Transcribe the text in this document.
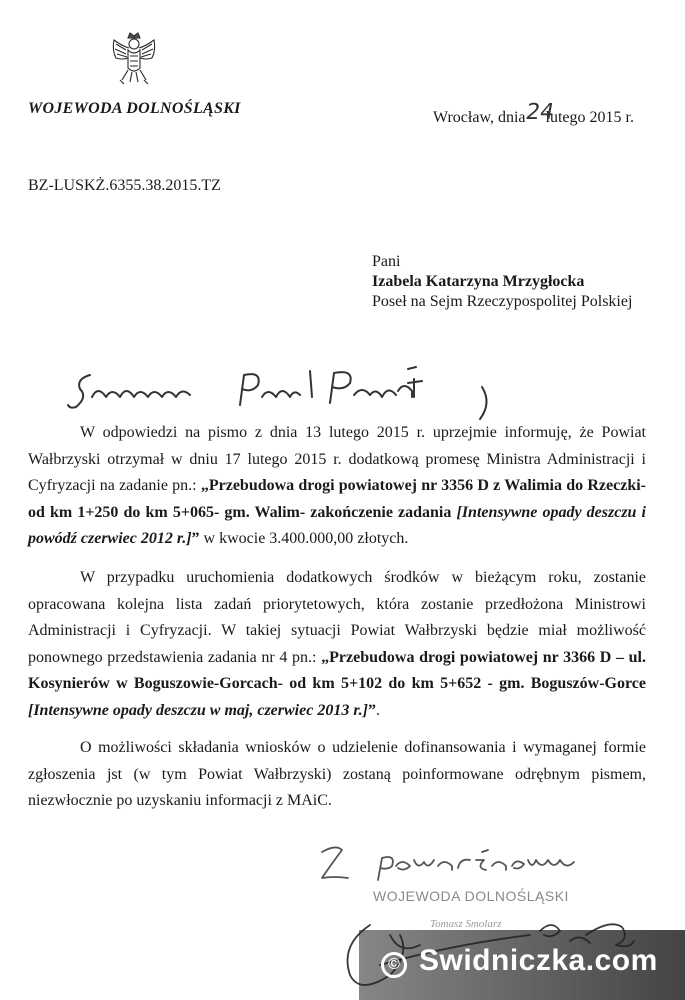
WOJEWODA DOLNOŚLĄSKI
Wrocław, dnia24lutego 2015 r.
BZ-LUSKŻ.6355.38.2015.TZ
Pani
Izabela Katarzyna Mrzygłocka
Poseł na Sejm Rzeczypospolitej Polskiej

W odpowiedzi na pismo z dnia 13 lutego 2015 r. uprzejmie informuję, że Powiat Wałbrzyski otrzymał w dniu 17 lutego 2015 r. dodatkową promesę Ministra Administracji i Cyfryzacji na zadanie pn.: „Przebudowa drogi powiatowej nr 3356 D z Walimia do Rzeczki- od km 1+250 do km 5+065- gm. Walim- zakończenie zadania [Intensywne opady deszczu i powódź czerwiec 2012 r.]” w kwocie 3.400.000,00 złotych.

W przypadku uruchomienia dodatkowych środków w bieżącym roku, zostanie opracowana kolejna lista zadań priorytetowych, która zostanie przedłożona Ministrowi Administracji i Cyfryzacji. W takiej sytuacji Powiat Wałbrzyski będzie miał możliwość ponownego przedstawienia zadania nr 4 pn.: „Przebudowa drogi powiatowej nr 3366 D – ul. Kosynierów w Boguszowie-Gorcach- od km 5+102 do km 5+652 - gm. Boguszów-Gorce [Intensywne opady deszczu w maj, czerwiec 2013 r.]”.

O możliwości składania wniosków o udzielenie dofinansowania i wymaganej formie zgłoszenia jst (w tym Powiat Wałbrzyski) zostaną poinformowane odrębnym pismem, niezwłocznie po uzyskaniu informacji z MAiC.

WOJEWODA DOLNOŚLĄSKI
Tomasz Smolarz
© Swidniczka.com
